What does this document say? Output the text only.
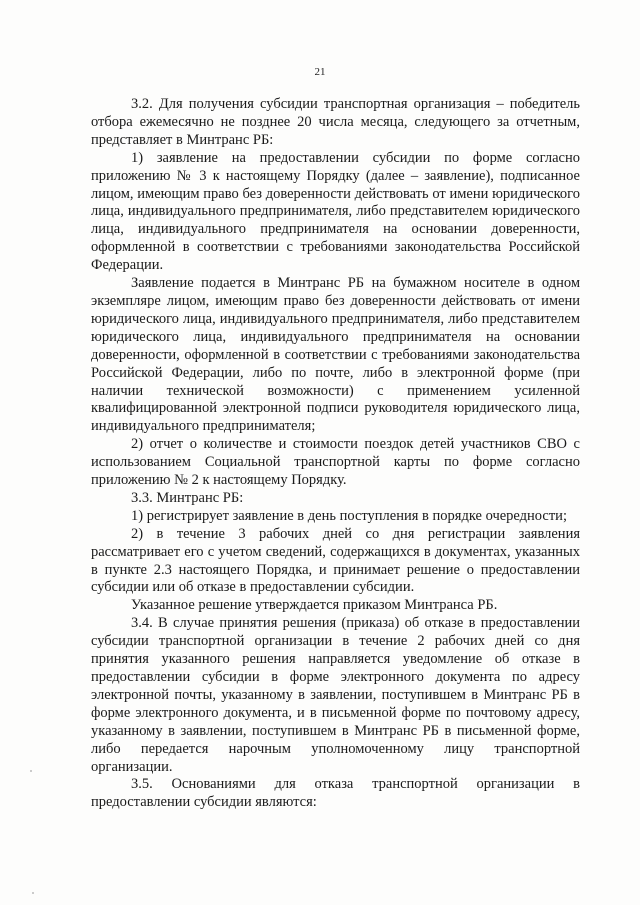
21

3.2. Для получения субсидии транспортная организация – победитель отбора ежемесячно не позднее 20 числа месяца, следующего за отчетным, представляет в Минтранс РБ:

1) заявление на предоставлении субсидии по форме согласно приложению № 3 к настоящему Порядку (далее – заявление), подписанное лицом, имеющим право без доверенности действовать от имени юридического лица, индивидуального предпринимателя, либо представителем юридического лица, индивидуального предпринимателя на основании доверенности, оформленной в соответствии с требованиями законодательства Российской Федерации.

Заявление подается в Минтранс РБ на бумажном носителе в одном экземпляре лицом, имеющим право без доверенности действовать от имени юридического лица, индивидуального предпринимателя, либо представителем юридического лица, индивидуального предпринимателя на основании доверенности, оформленной в соответствии с требованиями законодательства Российской Федерации, либо по почте, либо в электронной форме (при наличии технической возможности) с применением усиленной квалифицированной электронной подписи руководителя юридического лица, индивидуального предпринимателя;

2) отчет о количестве и стоимости поездок детей участников СВО с использованием Социальной транспортной карты по форме согласно приложению № 2 к настоящему Порядку.

3.3. Минтранс РБ:

1) регистрирует заявление в день поступления в порядке очередности;

2) в течение 3 рабочих дней со дня регистрации заявления рассматривает его с учетом сведений, содержащихся в документах, указанных в пункте 2.3 настоящего Порядка, и принимает решение о предоставлении субсидии или об отказе в предоставлении субсидии.

Указанное решение утверждается приказом Минтранса РБ.

3.4. В случае принятия решения (приказа) об отказе в предоставлении субсидии транспортной организации в течение 2 рабочих дней со дня принятия указанного решения направляется уведомление об отказе в предоставлении субсидии в форме электронного документа по адресу электронной почты, указанному в заявлении, поступившем в Минтранс РБ в форме электронного документа, и в письменной форме по почтовому адресу, указанному в заявлении, поступившем в Минтранс РБ в письменной форме, либо передается нарочным уполномоченному лицу транспортной организации.

3.5. Основаниями для отказа транспортной организации в предоставлении субсидии являются:
